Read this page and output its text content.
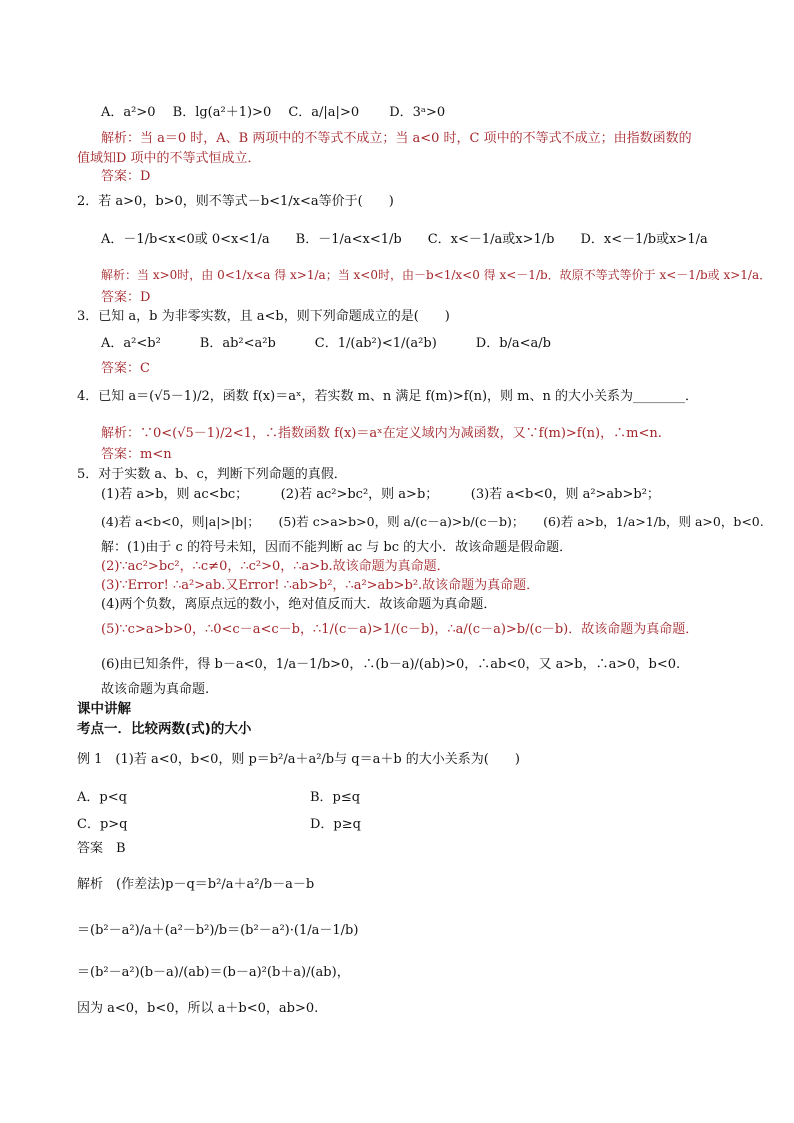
A．a²>0　 B．lg(a²＋1)>0　 C．a/|a|>0　　 D．3ᵃ>0
解析：当 a＝0 时，A、B 两项中的不等式不成立；当 a<0 时，C 项中的不等式不成立；由指数函数的
值域知D 项中的不等式恒成立．
答案：D
2．若 a>0，b>0，则不等式－b<1/x<a等价于(　　)
A．－1/b<x<0或 0<x<1/a　　B．－1/a<x<1/b　　C．x<－1/a或x>1/b　　D．x<－1/b或x>1/a
解析：当 x>0时，由 0<1/x<a 得 x>1/a；当 x<0时，由－b<1/x<0 得 x<－1/b．故原不等式等价于 x<－1/b或 x>1/a．
答案：D
3．已知 a，b 为非零实数，且 a<b，则下列命题成立的是(　　)
A．a²<b²　　　B．ab²<a²b　　　C．1/(ab²)<1/(a²b)　　　D．b/a<a/b
答案：C
4．已知 a＝(√5－1)/2，函数 f(x)＝aˣ，若实数 m、n 满足 f(m)>f(n)，则 m、n 的大小关系为________．
解析：∵0<(√5－1)/2<1，∴指数函数 f(x)＝aˣ在定义域内为减函数，又∵f(m)>f(n)，∴m<n.
答案：m<n
5．对于实数 a、b、c，判断下列命题的真假．
(1)若 a>b，则 ac<bc；　　　(2)若 ac²>bc²，则 a>b；　　　(3)若 a<b<0，则 a²>ab>b²；
(4)若 a<b<0，则|a|>|b|；　　(5)若 c>a>b>0，则 a/(c－a)>b/(c－b)；　　(6)若 a>b，1/a>1/b，则 a>0，b<0.
解：(1)由于 c 的符号未知，因而不能判断 ac 与 bc 的大小．故该命题是假命题．
(2)∵ac²>bc²，∴c≠0，∴c²>0，∴a>b.故该命题为真命题．
(3)∵Error! ∴a²>ab.又Error! ∴ab>b²，∴a²>ab>b².故该命题为真命题．
(4)两个负数，离原点远的数小，绝对值反而大．故该命题为真命题．
(5)∵c>a>b>0，∴0<c－a<c－b，∴1/(c－a)>1/(c－b)，∴a/(c－a)>b/(c－b)．故该命题为真命题．
(6)由已知条件，得 b－a<0，1/a－1/b>0，∴(b－a)/(ab)>0，∴ab<0，又 a>b，∴a>0，b<0.
故该命题为真命题.
课中讲解
考点一．比较两数(式)的大小
例 1　(1)若 a<0，b<0，则 p＝b²/a＋a²/b与 q＝a＋b 的大小关系为(　　)
A．p<q	B．p≤q
C．p>q	D．p≥q
答案　B
解析　(作差法)p－q＝b²/a＋a²/b－a－b
＝(b²－a²)/a＋(a²－b²)/b＝(b²－a²)·(1/a－1/b)
＝(b²－a²)(b－a)/(ab)＝(b－a)²(b＋a)/(ab)，
因为 a<0，b<0，所以 a＋b<0，ab>0.
